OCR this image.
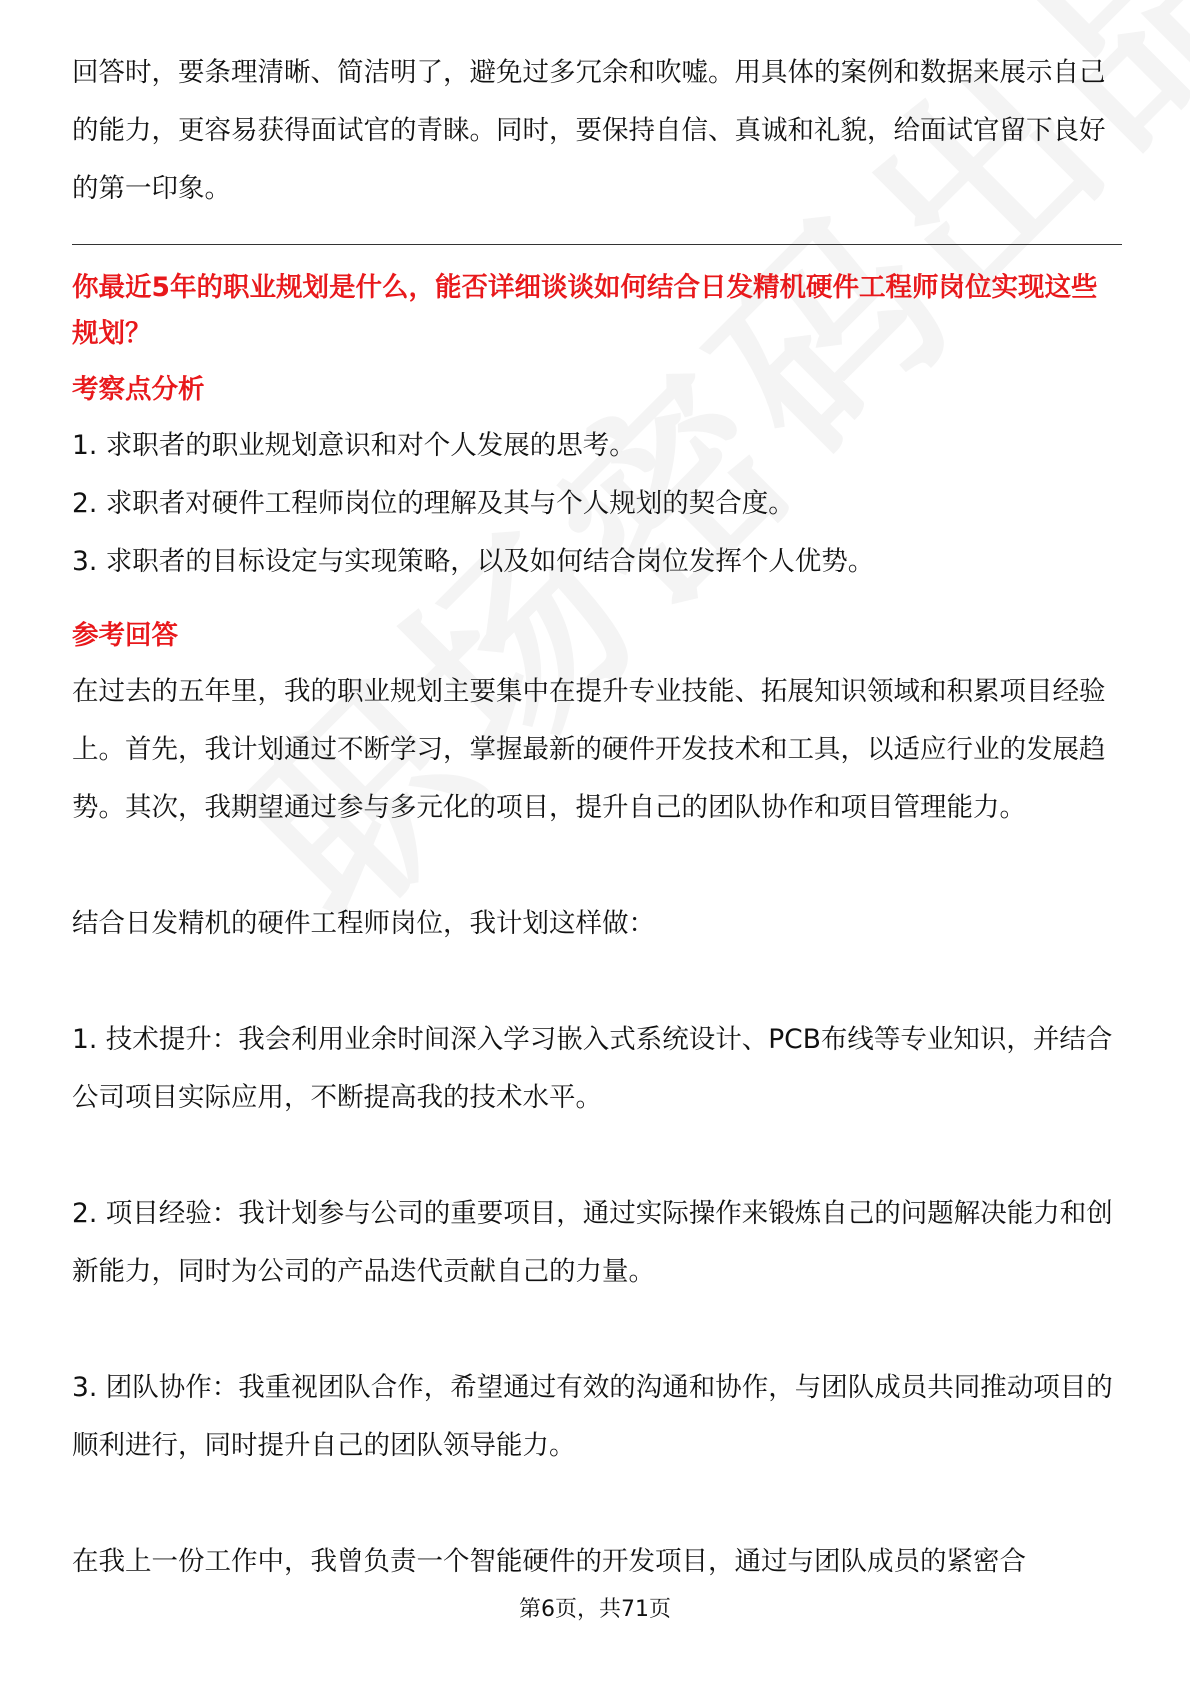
回答时，要条理清晰、简洁明了，避免过多冗余和吹嘘。用具体的案例和数据来展示自己的能力，更容易获得面试官的青睐。同时，要保持自信、真诚和礼貌，给面试官留下良好的第一印象。

你最近5年的职业规划是什么，能否详细谈谈如何结合日发精机硬件工程师岗位实现这些规划？

考察点分析

1. 求职者的职业规划意识和对个人发展的思考。

2. 求职者对硬件工程师岗位的理解及其与个人规划的契合度。

3. 求职者的目标设定与实现策略，以及如何结合岗位发挥个人优势。

参考回答

在过去的五年里，我的职业规划主要集中在提升专业技能、拓展知识领域和积累项目经验上。首先，我计划通过不断学习，掌握最新的硬件开发技术和工具，以适应行业的发展趋势。其次，我期望通过参与多元化的项目，提升自己的团队协作和项目管理能力。

结合日发精机的硬件工程师岗位，我计划这样做：

1. 技术提升：我会利用业余时间深入学习嵌入式系统设计、PCB布线等专业知识，并结合公司项目实际应用，不断提高我的技术水平。

2. 项目经验：我计划参与公司的重要项目，通过实际操作来锻炼自己的问题解决能力和创新能力，同时为公司的产品迭代贡献自己的力量。

3. 团队协作：我重视团队合作，希望通过有效的沟通和协作，与团队成员共同推动项目的顺利进行，同时提升自己的团队领导能力。

在我上一份工作中，我曾负责一个智能硬件的开发项目，通过与团队成员的紧密合

第6页，共71页
